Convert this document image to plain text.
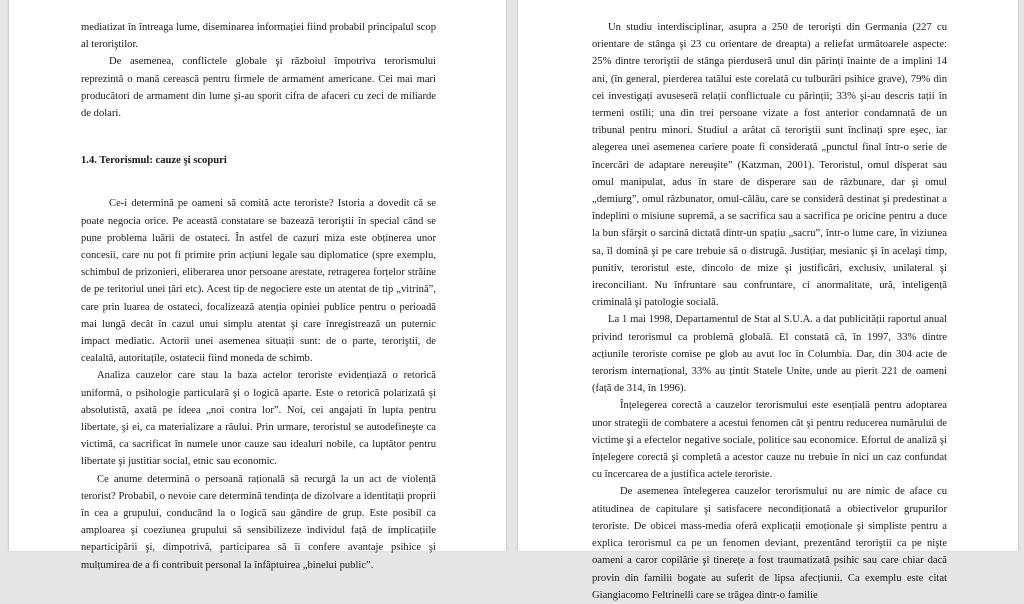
mediatizat în întreaga lume, diseminarea informației fiind probabil principalul scop al teroriştilor.

De asemenea, conflictele globale şi războiul împotriva terorismului reprezintă o mană cerească pentru firmele de armament americane. Cei mai mari producători de armament din lume şi-au sporit cifra de afaceri cu zeci de miliarde de dolari.

1.4. Terorismul: cauze şi scopuri

Ce-i determină pe oameni să comită acte teroriste? Istoria a dovedit că se poate negocia orice. Pe această constatare se bazează teroriştii în special când se pune problema luării de ostateci. În astfel de cazuri miza este obținerea unor concesii, care nu pot fi primite prin acțiuni legale sau diplomatice (spre exemplu, schimbul de prizonieri, eliberarea unor persoane arestate, retragerea forțelor străine de pe teritoriul unei țări etc). Acest tip de negociere este un atentat de tip „vitrină”, care prin luarea de ostateci, focalizează atenția opiniei publice pentru o perioadă mai lungă decât în cazul unui simplu atentat şi care înregistrează un puternic impact mediatic. Actorii unei asemenea situații sunt: de o parte, teroriştii, de cealaltă, autoritațile, ostatecii fiind moneda de schimb.

Analiza cauzelor care stau la baza actelor teroriste evidențiază o retorică uniformă, o psihologie particulară şi o logică aparte. Este o retorică polarizată şi absolutistă, axată pe ideea „noi contra lor”. Noi, cei angajati în lupta pentru libertate, şi ei, ca materializare a răului. Prin urmare, teroristul se autodefineşte ca victimă, ca sacrificat în numele unor cauze sau idealuri nobile, ca luptător pentru libertate şi justitiar social, etnic sau economic.

Ce anume determină o persoană rațională să recurgă la un act de violență terorist? Probabil, o nevoie care determină tendința de dizolvare a identitații proprii în cea a grupului, conducând la o logică sau gândire de grup. Este posibil ca amploarea şi coeziunea grupului să sensibilizeze individul față de implicațiile neparticipării şi, dimpotrivă, participarea să îi confere avantaje psihice şi mulțumirea de a fi contribuit personal la înfăptuirea „binelui public”.

Un studiu interdisciplinar, asupra a 250 de terorişti din Germania (227 cu orientare de stânga şi 23 cu orientare de dreapta) a reliefat următoarele aspecte: 25% dintre teroriştii de stânga pierduseră unul din părinți înainte de a implini 14 ani, (în general, pierderea tatălui este corelată cu tulburări psihice grave), 79% din cei investigați avuseseră relații conflictuale cu părinții; 33% şi-au descris tații în termeni ostili; una din trei persoane vizate a fost anterior condamnată de un tribunal pentru minori. Studiul a arătat că teroriştii sunt înclinați spre eşec, iar alegerea unei asemenea cariere poate fi considerată „punctul final într-o serie de încercări de adaptare nereuşite” (Katzman, 2001). Teroristul, omul disperat sau omul manipulat, adus în stare de disperare sau de răzbunare, dar şi omul „demiurg”, omul răzbunator, omul-călău, care se consideră destinat şi predestinat a îndeplini o misiune supremă, a se sacrifica sau a sacrifica pe oricine pentru a duce la bun sfârşit o sarcină dictată dintr-un spațiu „sacru”, într-o lume care, în viziunea sa, îl domină şi pe care trebuie să o distrugă. Justițiar, mesianic şi în acelaşi timp, punitiv, teroristul este, dincolo de mize şi justificări, exclusiv, unilateral şi ireconciliant. Nu înfruntare sau confruntare, ci anormalitate, ură, inteligență criminală şi patologie socială.

La 1 mai 1998, Departamentul de Stat al S.U.A. a dat publicității raportul anual privind terorismul ca problemă globală. El constată că, în 1997, 33% dintre acțiunile teroriste comise pe glob au avut loc în Columbia. Dar, din 304 acte de terorism internațional, 33% au țintit Statele Unite, unde au pierit 221 de oameni (față de 314, în 1996).

Înțelegerea corectă a cauzelor terorismului este esențială pentru adoptarea unor strategii de combatere a acestui fenomen cât şi pentru reducerea numărului de victime şi a efectelor negative sociale, politice sau economice. Efortul de analiză şi înțelegere corectă şi completă a acestor cauze nu trebuie în nici un caz confundat cu încercarea de a justifica actele teroriste.

De asemenea întelegerea cauzelor terorismului nu are nimic de aface cu atitudinea de capitulare şi satisfacere necondiționată a obiectivelor grupurilor teroriste. De obicei mass-media oferă explicații emoționale şi simpliste pentru a explica terorismul ca pe un fenomen deviant, prezentând teroriştii ca pe nişte oameni a caror copilărie şi tinerețe a fost traumatizată psihic sau care chiar dacă provin din familii bogate au suferit de lipsa afecțiunii. Ca exemplu este citat Giangiacomo Feltrinelli care se trăgea dintr-o familie
